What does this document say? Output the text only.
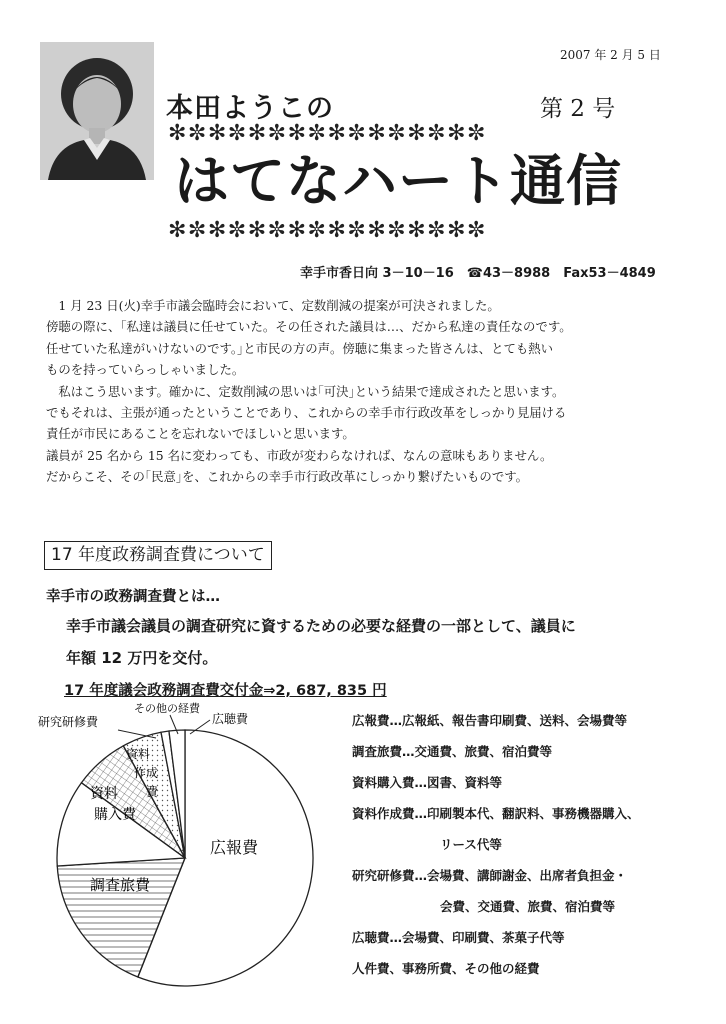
2007 年 2 月 5 日
本田ようこの	第 2 号
✻✼✻✼✻✼✻✼✻✼✻✼✻✼✻✼
はてなハート通信
✻✼✻✼✻✼✻✼✻✼✻✼✻✼✻✼
幸手市香日向 3－10－16　☎43－8988　Fax53－4849

　1 月 23 日(火)幸手市議会臨時会において、定数削減の提案が可決されました。

傍聴の際に、｢私達は議員に任せていた。その任された議員は…、だから私達の責任なのです。

任せていた私達がいけないのです。｣と市民の方の声。傍聴に集まった皆さんは、とても熱い

ものを持っていらっしゃいました。

　私はこう思います。確かに、定数削減の思いは｢可決｣という結果で達成されたと思います。

でもそれは、主張が通ったということであり、これからの幸手市行政改革をしっかり見届ける

責任が市民にあることを忘れないでほしいと思います。

議員が 25 名から 15 名に変わっても、市政が変わらなければ、なんの意味もありません。

だからこそ、その｢民意｣を、これからの幸手市行政改革にしっかり繋げたいものです。

17 年度政務調査費について
幸手市の政務調査費とは…
幸手市議会議員の調査研究に資するための必要な経費の一部として、議員に
年額 12 万円を交付。
17 年度議会政務調査費交付金⇒2, 687, 835 円
広報費
調査旅費
資料
購入費
資料
作成
費
研究研修費
その他の経費
広聴費	広報費…広報紙、報告書印刷費、送料、会場費等
調査旅費…交通費、旅費、宿泊費等
資料購入費…図書、資料等
資料作成費…印刷製本代、翻訳料、事務機器購入、
リース代等
研究研修費…会場費、講師謝金、出席者負担金・
会費、交通費、旅費、宿泊費等
広聴費…会場費、印刷費、茶菓子代等
人件費、事務所費、その他の経費
